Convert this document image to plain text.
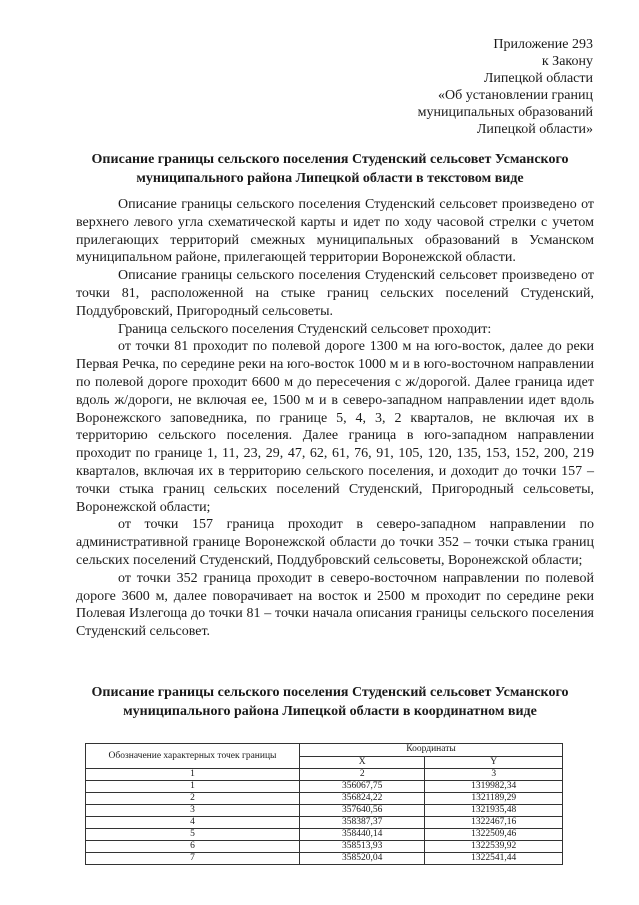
Приложение 293
к Закону
Липецкой области
«Об установлении границ
муниципальных образований
Липецкой области»
Описание границы сельского поселения Студенский сельсовет Усманского муниципального района Липецкой области в текстовом виде

Описание границы сельского поселения Студенский сельсовет произведено от верхнего левого угла схематической карты и идет по ходу часовой стрелки с учетом прилегающих территорий смежных муниципальных образований в Усманском муниципальном районе, прилегающей территории Воронежской области.

Описание границы сельского поселения Студенский сельсовет произведено от точки 81, расположенной на стыке границ сельских поселений Студенский, Поддубровский, Пригородный сельсоветы.

Граница сельского поселения Студенский сельсовет проходит:

от точки 81 проходит по полевой дороге 1300 м на юго-восток, далее до реки Первая Речка, по середине реки на юго-восток 1000 м и в юго-восточном направлении по полевой дороге проходит 6600 м до пересечения с ж/дорогой. Далее граница идет вдоль ж/дороги, не включая ее, 1500 м и в северо-западном направлении идет вдоль Воронежского заповедника, по границе 5, 4, 3, 2 кварталов, не включая их в территорию сельского поселения. Далее граница в юго-западном направлении проходит по границе 1, 11, 23, 29, 47, 62, 61, 76, 91, 105, 120, 135, 153, 152, 200, 219 кварталов, включая их в территорию сельского поселения, и доходит до точки 157 – точки стыка границ сельских поселений Студенский, Пригородный сельсоветы, Воронежской области;

от точки 157 граница проходит в северо-западном направлении по административной границе Воронежской области до точки 352 – точки стыка границ сельских поселений Студенский, Поддубровский сельсоветы, Воронежской области;

от точки 352 граница проходит в северо-восточном направлении по полевой дороге 3600 м, далее поворачивает на восток и 2500 м проходит по середине реки Полевая Излегоща до точки 81 – точки начала описания границы сельского поселения Студенский сельсовет.

Описание границы сельского поселения Студенский сельсовет Усманского муниципального района Липецкой области в координатном виде
Обозначение характерных точек границы	Координаты	
	X	Y
1	2	3
1	356067,75	1319982,34
2	356824,22	1321189,29
3	357640,56	1321935,48
4	358387,37	1322467,16
5	358440,14	1322509,46
6	358513,93	1322539,92
7	358520,04	1322541,44
